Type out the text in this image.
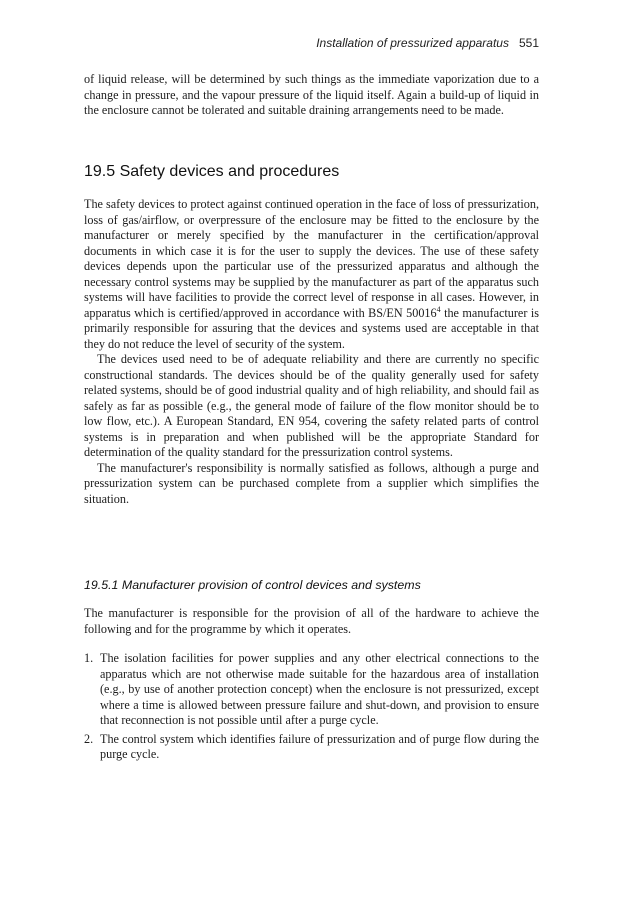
Installation of pressurized apparatus 551

of liquid release, will be determined by such things as the immediate vaporization due to a change in pressure, and the vapour pressure of the liquid itself. Again a build-up of liquid in the enclosure cannot be tolerated and suitable draining arrangements need to be made.

19.5 Safety devices and procedures

The safety devices to protect against continued operation in the face of loss of pressurization, loss of gas/airflow, or overpressure of the enclosure may be fitted to the enclosure by the manufacturer or merely specified by the manufacturer in the certification/approval documents in which case it is for the user to supply the devices. The use of these safety devices depends upon the particular use of the pressurized apparatus and although the necessary control systems may be supplied by the manufacturer as part of the apparatus such systems will have facilities to provide the correct level of response in all cases. However, in apparatus which is certified/approved in accordance with BS/EN 50016$^4$ the manufacturer is primarily responsible for assuring that the devices and systems used are acceptable in that they do not reduce the level of security of the system.

The devices used need to be of adequate reliability and there are currently no specific constructional standards. The devices should be of the quality generally used for safety related systems, should be of good industrial quality and of high reliability, and should fail as safely as far as possible (e.g., the general mode of failure of the flow monitor should be to low flow, etc.). A European Standard, EN 954, covering the safety related parts of control systems is in preparation and when published will be the appropriate Standard for determination of the quality standard for the pressurization control systems.

The manufacturer's responsibility is normally satisfied as follows, although a purge and pressurization system can be purchased complete from a supplier which simplifies the situation.

19.5.1 Manufacturer provision of control devices and systems

The manufacturer is responsible for the provision of all of the hardware to achieve the following and for the programme by which it operates.

1. The isolation facilities for power supplies and any other electrical connections to the apparatus which are not otherwise made suitable for the hazardous area of installation (e.g., by use of another protection concept) when the enclosure is not pressurized, except where a time is allowed between pressure failure and shut-down, and provision to ensure that reconnection is not possible until after a purge cycle.
2. The control system which identifies failure of pressurization and of purge flow during the purge cycle.
